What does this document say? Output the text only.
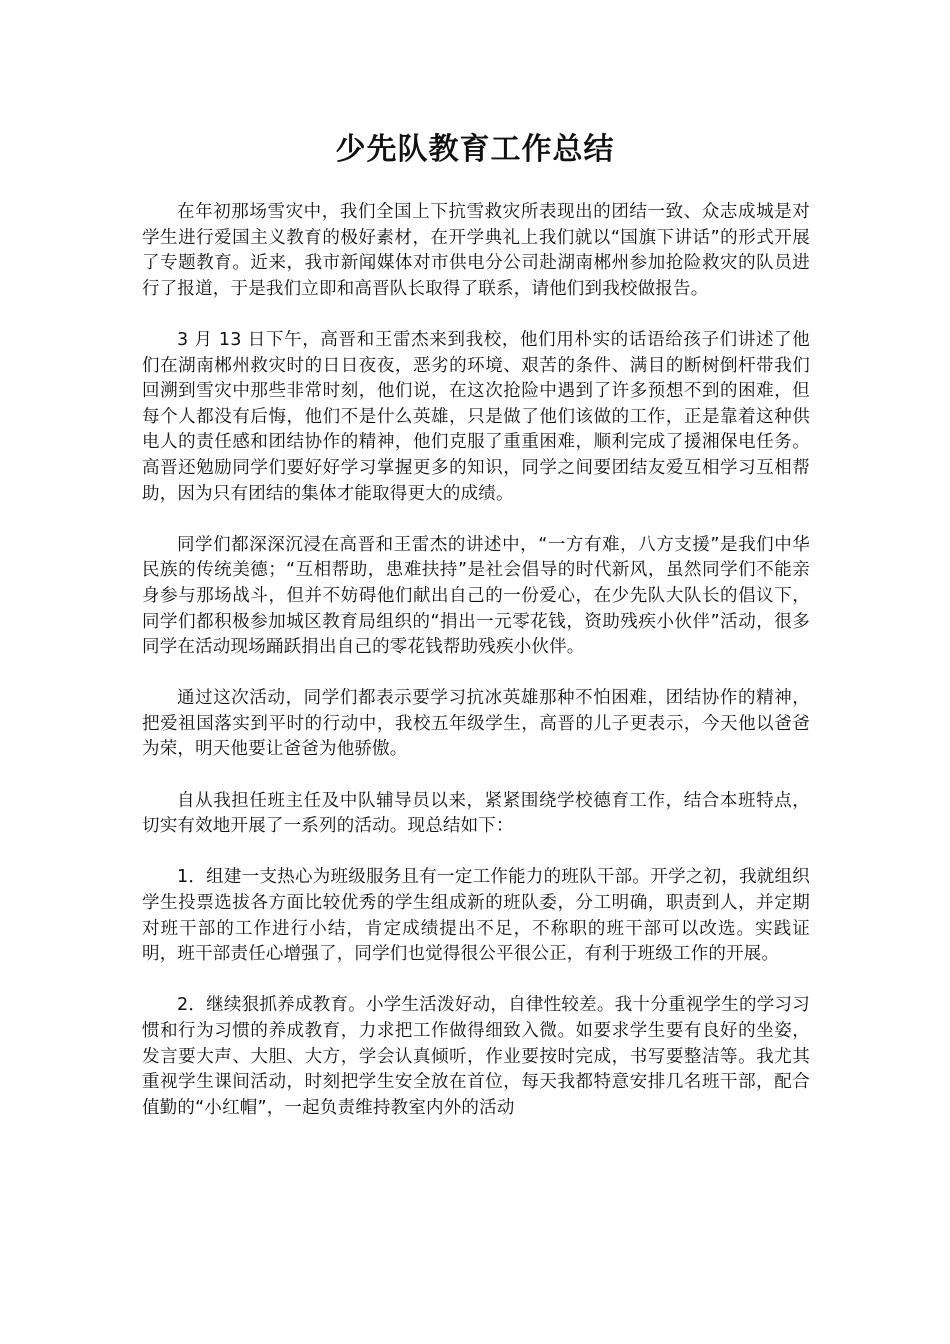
少先队教育工作总结

在年初那场雪灾中，我们全国上下抗雪救灾所表现出的团结一致、众志成城是对学生进行爱国主义教育的极好素材，在开学典礼上我们就以“国旗下讲话”的形式开展了专题教育。近来，我市新闻媒体对市供电分公司赴湖南郴州参加抢险救灾的队员进行了报道，于是我们立即和高晋队长取得了联系，请他们到我校做报告。

3 月 13 日下午，高晋和王雷杰来到我校，他们用朴实的话语给孩子们讲述了他们在湖南郴州救灾时的日日夜夜，恶劣的环境、艰苦的条件、满目的断树倒杆带我们回溯到雪灾中那些非常时刻，他们说，在这次抢险中遇到了许多预想不到的困难，但每个人都没有后悔，他们不是什么英雄，只是做了他们该做的工作，正是靠着这种供电人的责任感和团结协作的精神，他们克服了重重困难，顺利完成了援湘保电任务。高晋还勉励同学们要好好学习掌握更多的知识，同学之间要团结友爱互相学习互相帮助，因为只有团结的集体才能取得更大的成绩。

同学们都深深沉浸在高晋和王雷杰的讲述中，“一方有难，八方支援”是我们中华民族的传统美德；“互相帮助，患难扶持”是社会倡导的时代新风，虽然同学们不能亲身参与那场战斗，但并不妨碍他们献出自己的一份爱心，在少先队大队长的倡议下，同学们都积极参加城区教育局组织的“捐出一元零花钱，资助残疾小伙伴”活动，很多同学在活动现场踊跃捐出自己的零花钱帮助残疾小伙伴。

通过这次活动，同学们都表示要学习抗冰英雄那种不怕困难，团结协作的精神，把爱祖国落实到平时的行动中，我校五年级学生，高晋的儿子更表示，今天他以爸爸为荣，明天他要让爸爸为他骄傲。

自从我担任班主任及中队辅导员以来，紧紧围绕学校德育工作，结合本班特点，切实有效地开展了一系列的活动。现总结如下：

1．组建一支热心为班级服务且有一定工作能力的班队干部。开学之初，我就组织学生投票选拔各方面比较优秀的学生组成新的班队委，分工明确，职责到人，并定期对班干部的工作进行小结，肯定成绩提出不足，不称职的班干部可以改选。实践证明，班干部责任心增强了，同学们也觉得很公平很公正，有利于班级工作的开展。

2．继续狠抓养成教育。小学生活泼好动，自律性较差。我十分重视学生的学习习惯和行为习惯的养成教育，力求把工作做得细致入微。如要求学生要有良好的坐姿，发言要大声、大胆、大方，学会认真倾听，作业要按时完成，书写要整洁等。我尤其重视学生课间活动，时刻把学生安全放在首位，每天我都特意安排几名班干部，配合值勤的“小红帽”，一起负责维持教室内外的活动
